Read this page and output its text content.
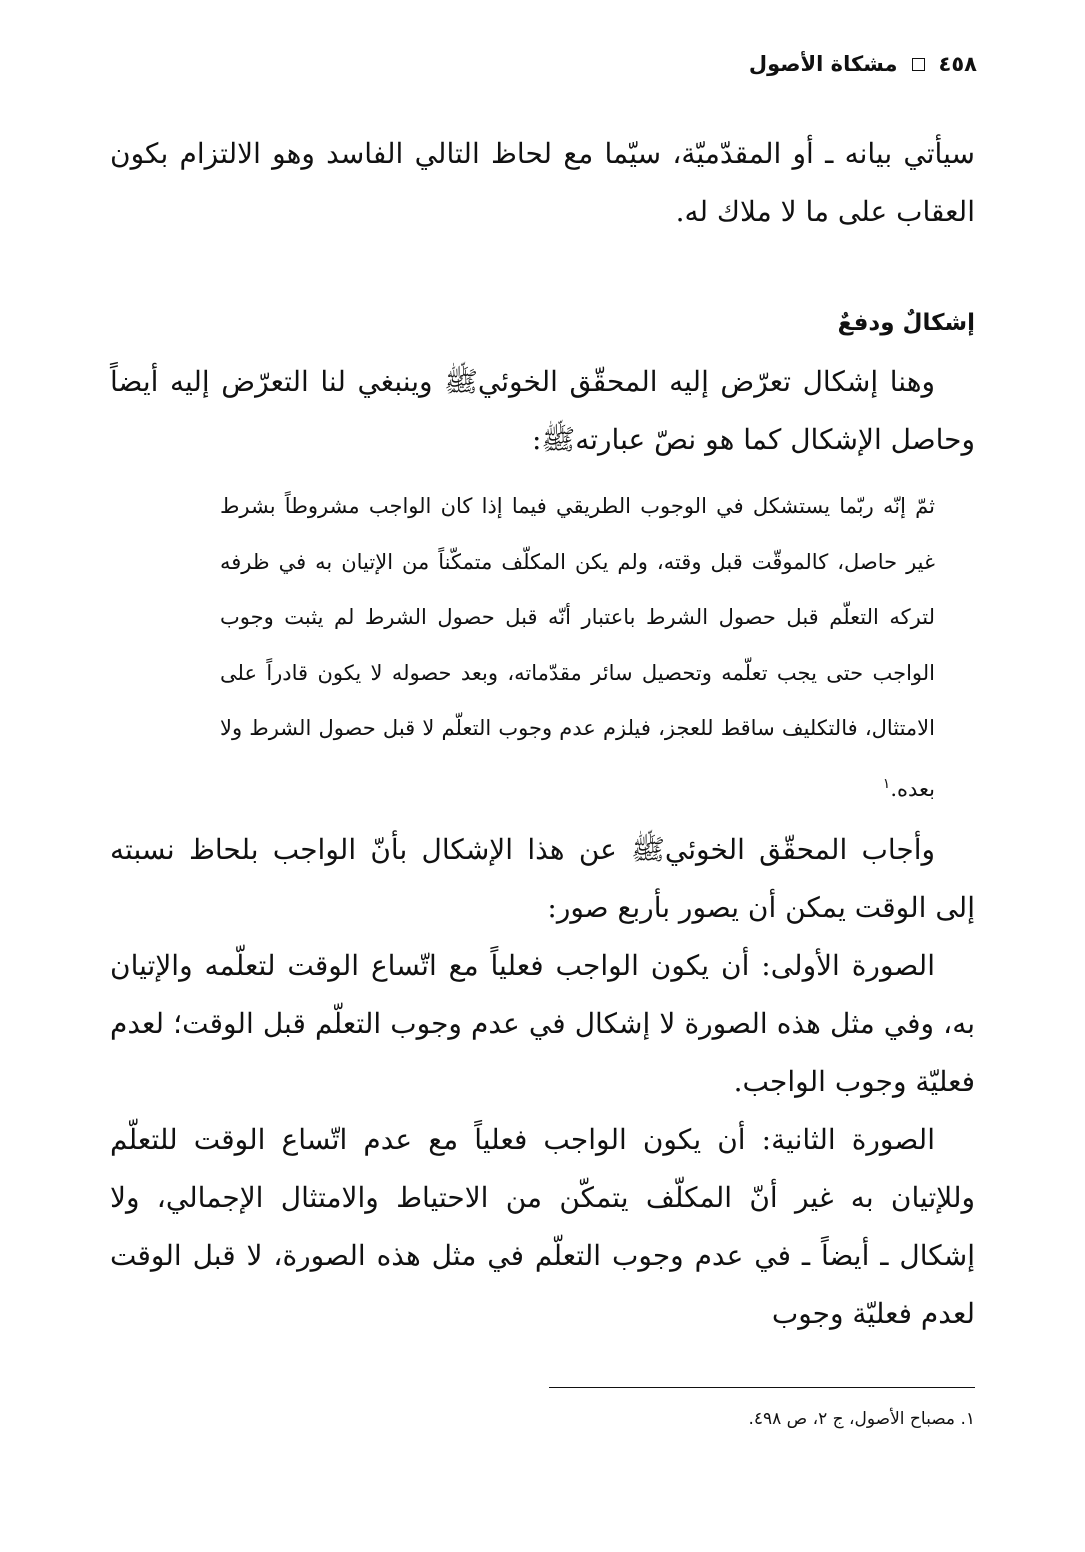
٤٥٨
مشكاة الأصول

سيأتي بيانه ـ أو المقدّميّة، سيّما مع لحاظ التالي الفاسد وهو الالتزام بكون العقاب على ما لا ملاك له.

إشكالٌ ودفعٌ

وهنا إشكال تعرّض إليه المحقّق الخوئيﷺ وينبغي لنا التعرّض إليه أيضاً وحاصل الإشكال كما هو نصّ عبارتهﷺ:

ثمّ إنّه ربّما يستشكل في الوجوب الطريقي فيما إذا كان الواجب مشروطاً بشرط غير حاصل، كالموقّت قبل وقته، ولم يكن المكلّف متمكّناً من الإتيان به في ظرفه لتركه التعلّم قبل حصول الشرط باعتبار أنّه قبل حصول الشرط لم يثبت وجوب الواجب حتى يجب تعلّمه وتحصيل سائر مقدّماته، وبعد حصوله لا يكون قادراً على الامتثال، فالتكليف ساقط للعجز، فيلزم عدم وجوب التعلّم لا قبل حصول الشرط ولا بعده.$^١$

وأجاب المحقّق الخوئيﷺ عن هذا الإشكال بأنّ الواجب بلحاظ نسبته إلى الوقت يمكن أن يصور بأربع صور:

الصورة الأولى: أن يكون الواجب فعلياً مع اتّساع الوقت لتعلّمه والإتيان به، وفي مثل هذه الصورة لا إشكال في عدم وجوب التعلّم قبل الوقت؛ لعدم فعليّة وجوب الواجب.

الصورة الثانية: أن يكون الواجب فعلياً مع عدم اتّساع الوقت للتعلّم وللإتيان به غير أنّ المكلّف يتمكّن من الاحتياط والامتثال الإجمالي، ولا إشكال ـ أيضاً ـ في عدم وجوب التعلّم في مثل هذه الصورة، لا قبل الوقت لعدم فعليّة وجوب

١. مصباح الأصول، ج ٢، ص ٤٩٨.
